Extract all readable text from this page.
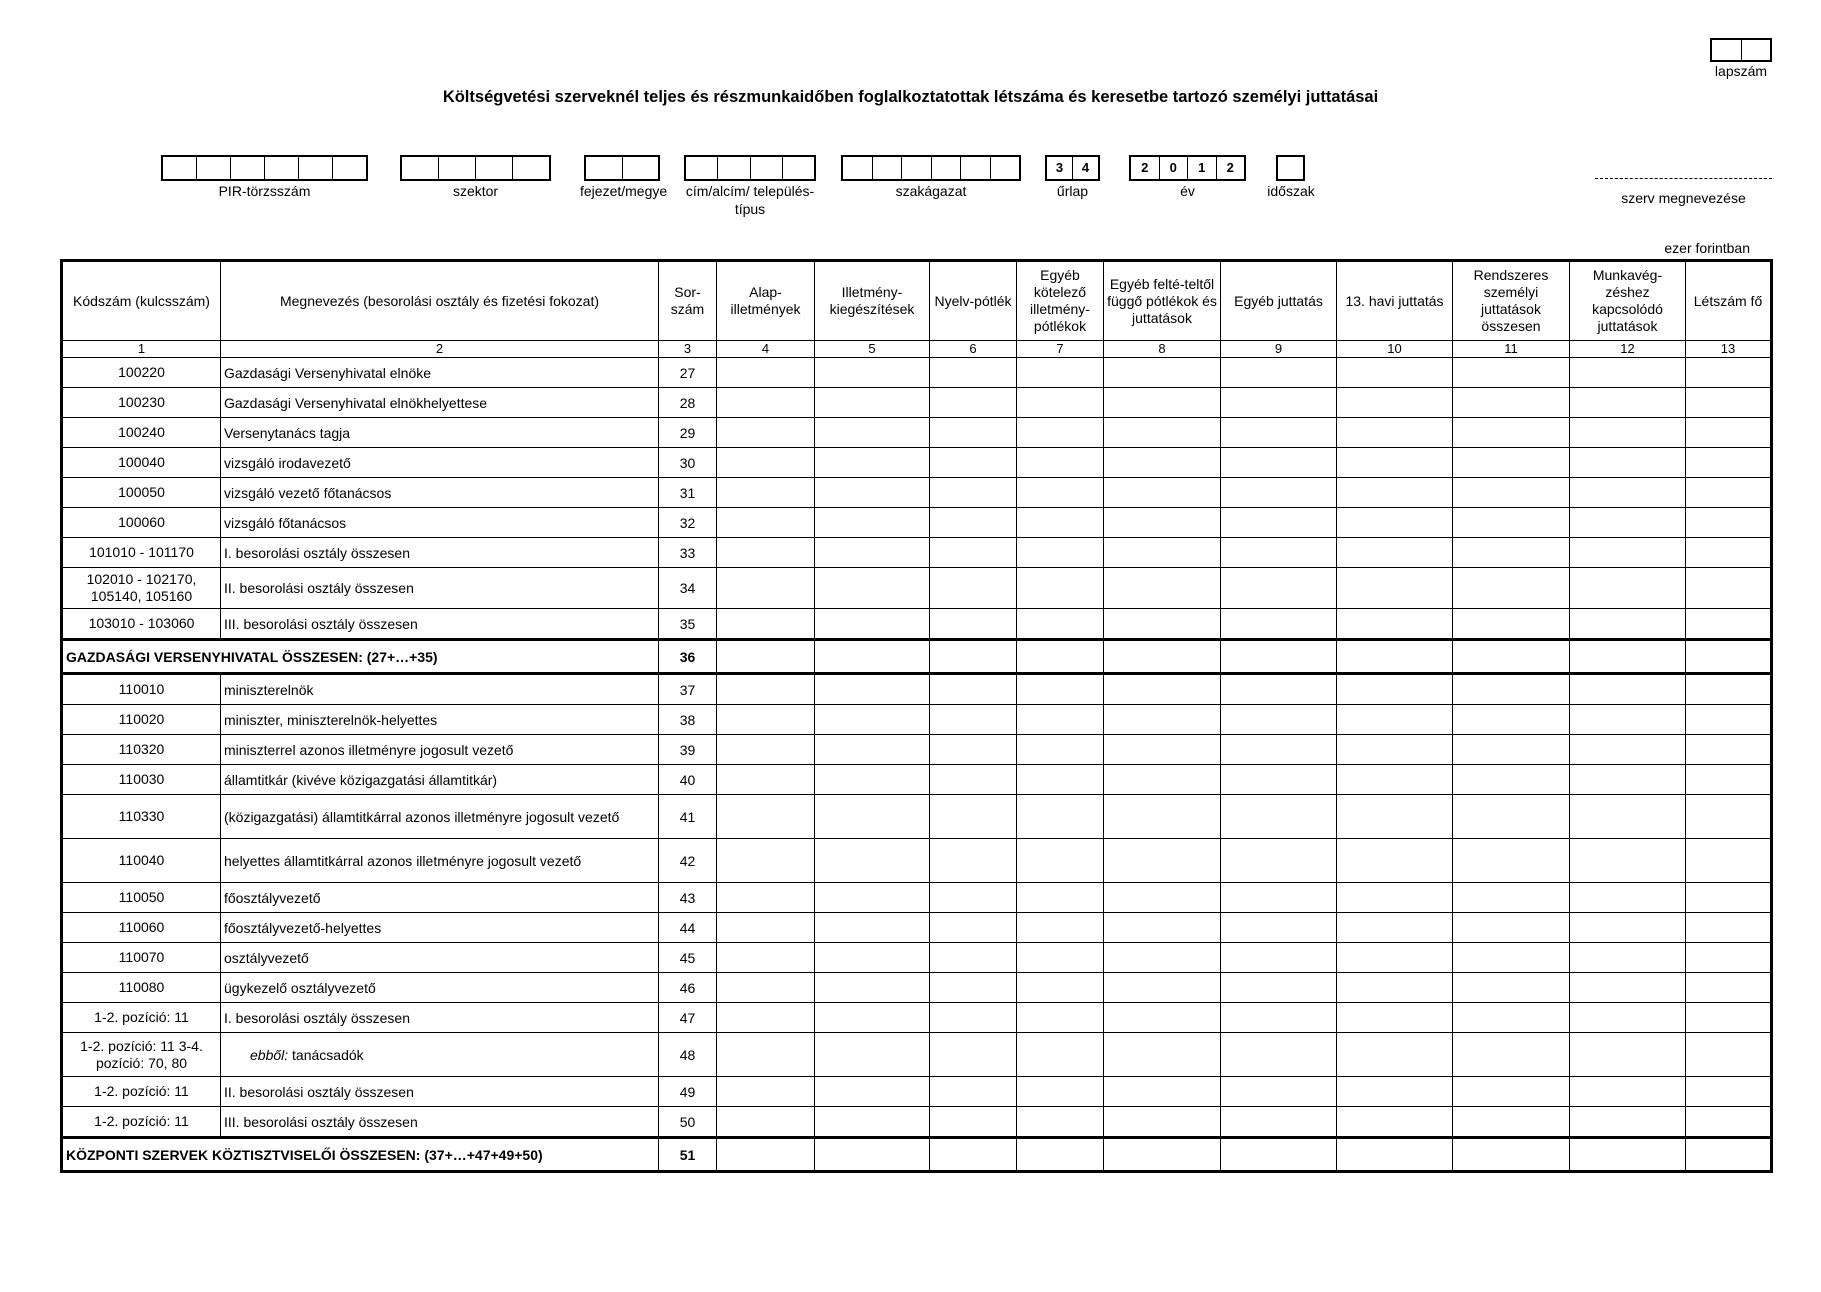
lapszám
Költségvetési szerveknél teljes és részmunkaidőben foglalkoztatottak létszáma és keresetbe tartozó személyi juttatásai
PIR-törzsszám	szektor	fejezet/megye cím/alcím/ település-típus
szakágazat
3	4
űrlap
2	0	1	2
év	időszak	szerv megnevezése
ezer forintban
Kódszám (kulcsszám)	Megnevezés (besorolási osztály és fizetési fokozat)	Sor-szám	Alap-illetmények	Illetmény-kiegészítések	Nyelv-pótlék	Egyéb kötelező illetmény-pótlékok	Egyéb felté-teltől függő pótlékok és juttatások	Egyéb juttatás	13. havi juttatás	Rendszeres személyi juttatások összesen	Munkavég-zéshez kapcsolódó juttatások	Létszám fő
1	2	3	4	5	6	7	8	9	10	11	12	13
100220	Gazdasági Versenyhivatal elnöke	27										
100230	Gazdasági Versenyhivatal elnökhelyettese	28										
100240	Versenytanács tagja	29										
100040	vizsgáló irodavezető	30										
100050	vizsgáló vezető főtanácsos	31										
100060	vizsgáló főtanácsos	32										
101010 - 101170	I. besorolási osztály összesen	33										
102010 - 102170, 105140, 105160	II. besorolási osztály összesen	34										
103010 - 103060	III. besorolási osztály összesen	35										
GAZDASÁGI VERSENYHIVATAL ÖSSZESEN: (27+…+35)		36										
110010	miniszterelnök	37										
110020	miniszter, miniszterelnök-helyettes	38										
110320	miniszterrel azonos illetményre jogosult vezető	39										
110030	államtitkár (kivéve közigazgatási államtitkár)	40										
110330	(közigazgatási) államtitkárral azonos illetményre jogosult vezető	41										
110040	helyettes államtitkárral azonos illetményre jogosult vezető	42										
110050	főosztályvezető	43										
110060	főosztályvezető-helyettes	44										
110070	osztályvezető	45										
110080	ügykezelő osztályvezető	46										
1-2. pozíció: 11	I. besorolási osztály összesen	47										
1-2. pozíció: 11 3-4. pozíció: 70, 80	ebből: tanácsadók	48										
1-2. pozíció: 11	II. besorolási osztály összesen	49										
1-2. pozíció: 11	III. besorolási osztály összesen	50										
KÖZPONTI SZERVEK KÖZTISZTVISELŐI ÖSSZESEN: (37+…+47+49+50)		51										
